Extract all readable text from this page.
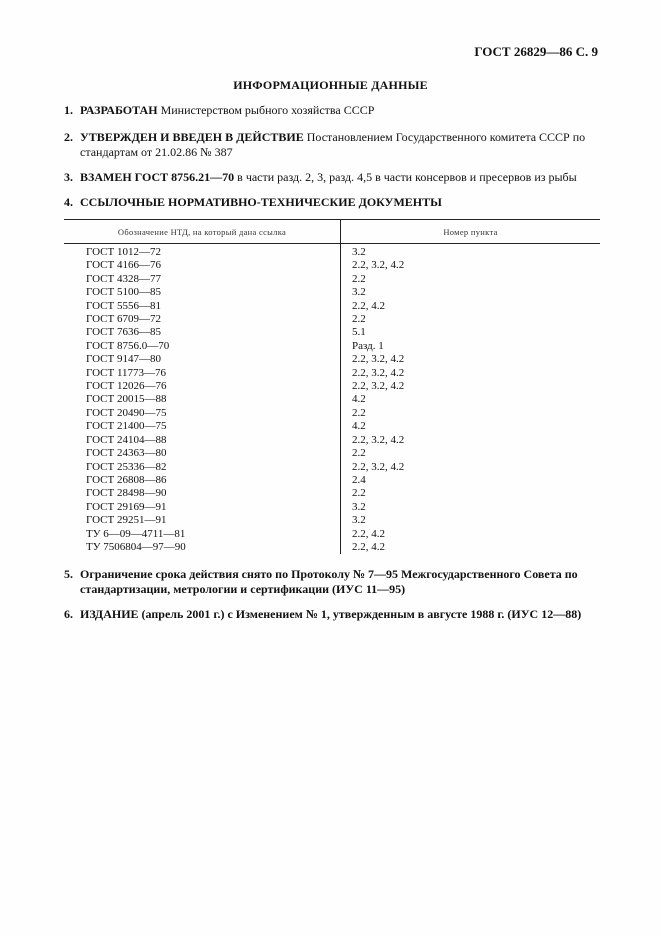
ГОСТ 26829—86 С. 9
ИНФОРМАЦИОННЫЕ ДАННЫЕ
1. РАЗРАБОТАН Министерством рыбного хозяйства СССР
2. УТВЕРЖДЕН И ВВЕДЕН В ДЕЙСТВИЕ Постановлением Государственного комитета СССР по стандартам от 21.02.86 № 387
3. ВЗАМЕН ГОСТ 8756.21—70 в части разд. 2, 3, разд. 4,5 в части консервов и пресервов из рыбы
4. ССЫЛОЧНЫЕ НОРМАТИВНО-ТЕХНИЧЕСКИЕ ДОКУМЕНТЫ
Обозначение НТД, на который дана ссылка	Номер пункта
ГОСТ 1012—72	3.2
ГОСТ 4166—76	2.2, 3.2, 4.2
ГОСТ 4328—77	2.2
ГОСТ 5100—85	3.2
ГОСТ 5556—81	2.2, 4.2
ГОСТ 6709—72	2.2
ГОСТ 7636—85	5.1
ГОСТ 8756.0—70	Разд. 1
ГОСТ 9147—80	2.2, 3.2, 4.2
ГОСТ 11773—76	2.2, 3.2, 4.2
ГОСТ 12026—76	2.2, 3.2, 4.2
ГОСТ 20015—88	4.2
ГОСТ 20490—75	2.2
ГОСТ 21400—75	4.2
ГОСТ 24104—88	2.2, 3.2, 4.2
ГОСТ 24363—80	2.2
ГОСТ 25336—82	2.2, 3.2, 4.2
ГОСТ 26808—86	2.4
ГОСТ 28498—90	2.2
ГОСТ 29169—91	3.2
ГОСТ 29251—91	3.2
ТУ 6—09—4711—81	2.2, 4.2
ТУ 7506804—97—90	2.2, 4.2
5. Ограничение срока действия снято по Протоколу № 7—95 Межгосударственного Совета по стандартизации, метрологии и сертификации (ИУС 11—95)
6. ИЗДАНИЕ (апрель 2001 г.) с Изменением № 1, утвержденным в августе 1988 г. (ИУС 12—88)
